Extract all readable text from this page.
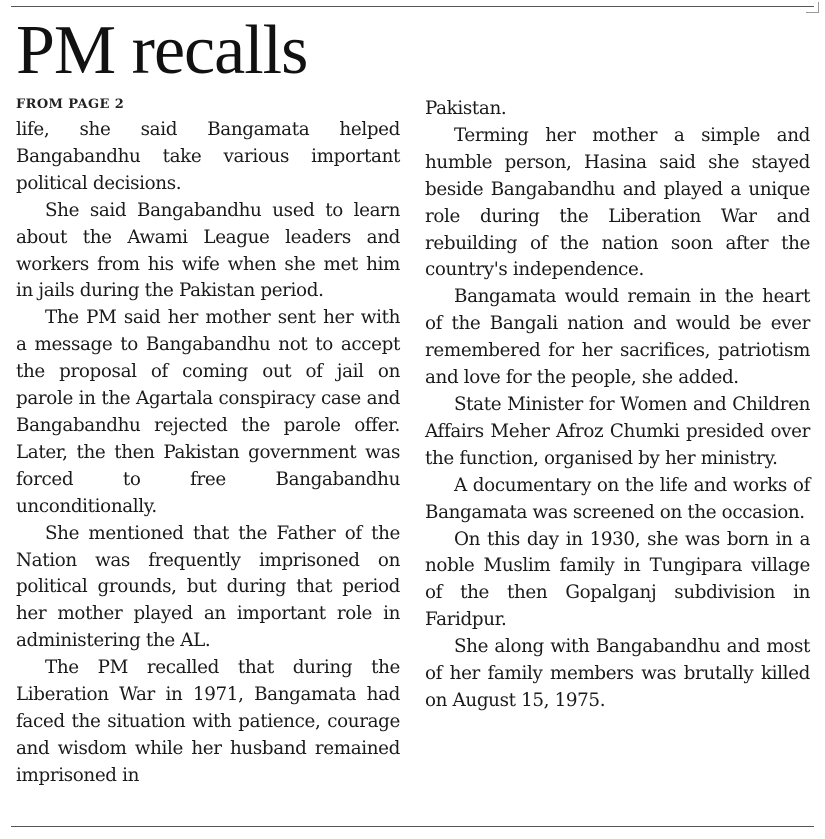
PM recalls
FROM PAGE 2

life, she said Bangamata helped Bangabandhu take various important political decisions.

She said Bangabandhu used to learn about the Awami League leaders and workers from his wife when she met him in jails during the Pakistan period.

The PM said her mother sent her with a message to Bangabandhu not to accept the proposal of coming out of jail on parole in the Agartala conspiracy case and Bangabandhu rejected the parole offer. Later, the then Pakistan government was forced to free Bangabandhu unconditionally.

She mentioned that the Father of the Nation was frequently imprisoned on political grounds, but during that period her mother played an important role in administering the AL.

The PM recalled that during the Liberation War in 1971, Bangamata had faced the situation with patience, courage and wisdom while her husband remained imprisoned in

Pakistan.

Terming her mother a simple and humble person, Hasina said she stayed beside Bangabandhu and played a unique role during the Liberation War and rebuilding of the nation soon after the country's independence.

Bangamata would remain in the heart of the Bangali nation and would be ever remembered for her sacrifices, patriotism and love for the people, she added.

State Minister for Women and Children Affairs Meher Afroz Chumki presided over the function, organised by her ministry.

A documentary on the life and works of Bangamata was screened on the occasion.

On this day in 1930, she was born in a noble Muslim family in Tungipara village of the then Gopalganj subdivision in Faridpur.

She along with Bangabandhu and most of her family members was brutally killed on August 15, 1975.
